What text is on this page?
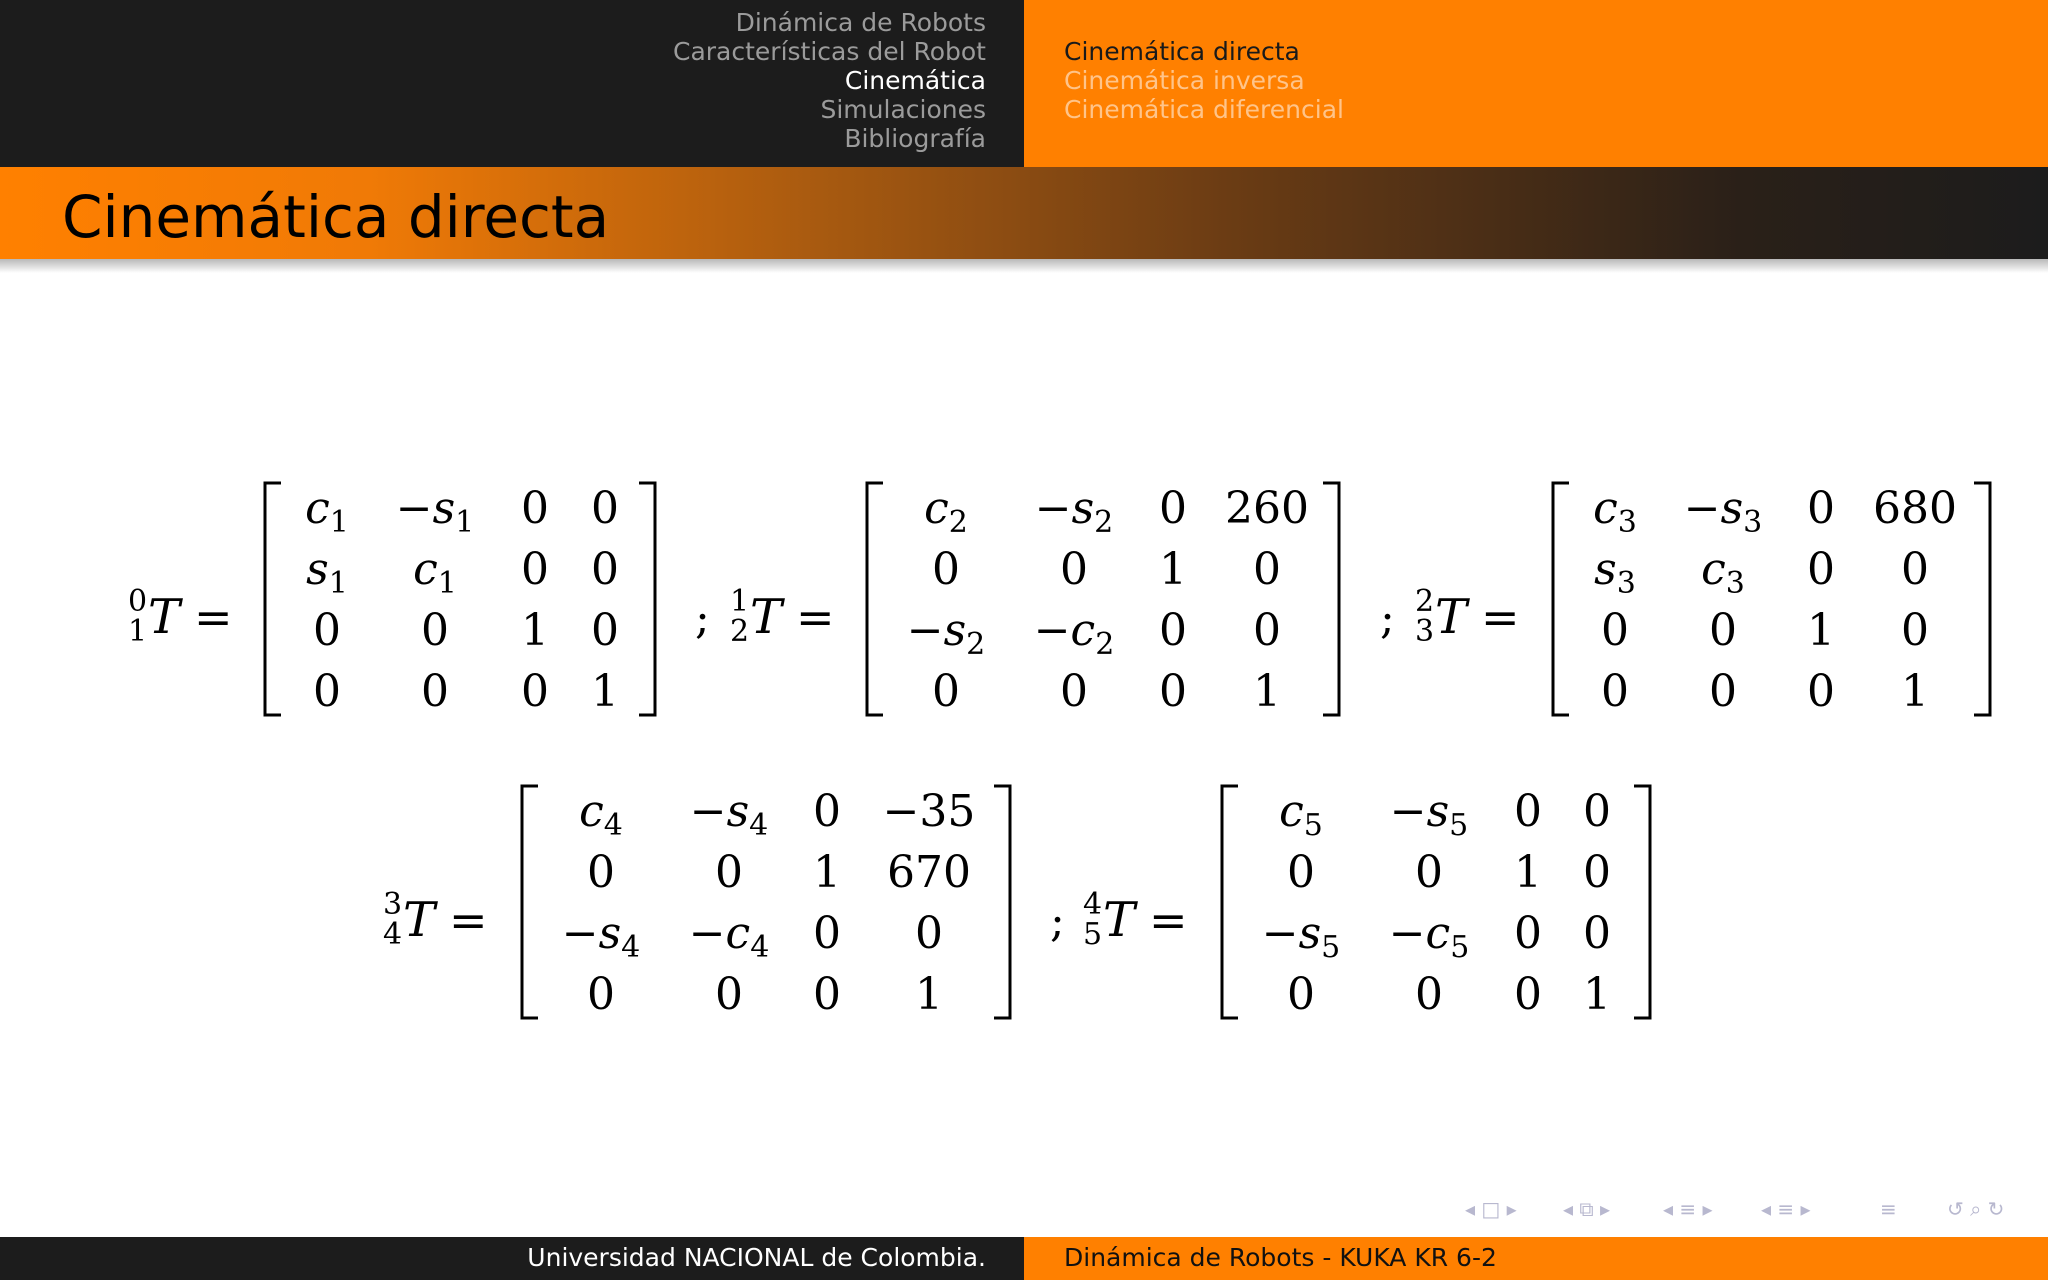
Dinámica de Robots
Características del Robot
Cinemática
Simulaciones
Bibliografía
Cinemática directa
Cinemática inversa
Cinemática diferencial
Cinemática directa
0
1 T =
$c_1 -s_1$ 0 0
$s_1$ $c_1$ 0 0
0 0 1 0
0 0 0 1
; 1
2 T =
$c_2 -s_2$ 0 260
0 0 1 0
$-s_2 -c_2$ 0 0
0 0 0 1
; 2
3 T =
$c_3 -s_3$ 0 680
$s_3$ $c_3$ 0 0
0 0 1 0
0 0 0 1
3
4 T =
$c_4 -s_4$ 0 −35
0 0 1 670
$-s_4 -c_4$ 0 0
0 0 0 1
; 4
5 T =
$c_5 -s_5$ 0 0
0 0 1 0
$-s_5 -c_5$ 0 0
0 0 0 1
◂ □ ▸ ◂ ⧉ ▸	◂ ≡ ▸ ◂ ≡ ▸	≡	↺ ⌕ ↻
Universidad NACIONAL de Colombia.	Dinámica de Robots - KUKA KR 6-2
